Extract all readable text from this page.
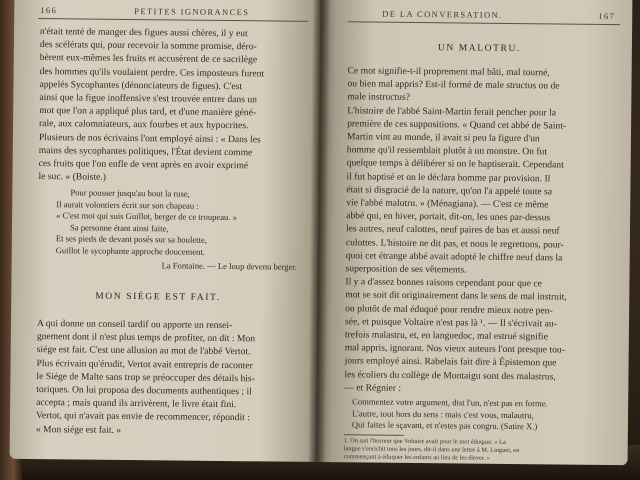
166	PETITES IGNORANCES
n'était tenté de manger des figues aussi chères, il y eut
des scélérats qui, pour recevoir la somme promise, déro-
bèrent eux-mêmes les fruits et accusèrent de ce sacrilège
des hommes qu'ils voulaient perdre. Ces imposteurs furent
appelés Sycophantes (dénonciateurs de figues). C'est
ainsi que la figue inoffensive s'est trouvée entrer dans un
mot que l'on a appliqué plus tard, et d'une manière géné-
rale, aux calomniateurs, aux fourbes et aux hypocrites.
Plusieurs de nos écrivains l'ont employé ainsi : « Dans les
mains des sycophantes politiques, l'État devient comme
ces fruits que l'on enfle de vent après en avoir exprimé
le suc. » (Boiste.)
Pour pousser jusqu'au bout la ruse,
Il aurait volontiers écrit sur son chapeau :
« C'est moi qui suis Guillot, berger de ce troupeau. »
Sa personne étant ainsi faite,
Et ses pieds de devant posés sur sa houlette,
Guillot le sycophante approche doucement.
La Fontaine. — Le loup devenu berger.
MON SIÉGE EST FAIT.
A qui donne un conseil tardif ou apporte un rensei-
gnement dont il n'est plus temps de profiter, on dit : Mon
siége est fait. C'est une allusion au mot de l'abbé Vertot.
Plus écrivain qu'érudit, Vertot avait entrepris de raconter
le Siége de Malte sans trop se préoccuper des détails his-
toriques. On lui proposa des documents authentiques ; il
accepta ; mais quand ils arrivèrent, le livre était fini.
Vertot, qui n'avait pas envie de recommencer, répondit :
« Mon siége est fait. »
DE LA CONVERSATION.	167
UN MALOTRU.
Ce mot signifie-t-il proprement mal bâti, mal tourné,
ou bien mal appris? Est-il formé de male structus ou de
male instructus?
L'histoire de l'abbé Saint-Martin ferait pencher pour la
première de ces suppositions. « Quand cet abbé de Saint-
Martin vint au monde, il avait si peu la figure d'un
homme qu'il ressemblait plutôt à un monstre. On fut
quelque temps à délibérer si on le baptiserait. Cependant
il fut baptisé et on le déclara homme par provision. Il
était si disgracié de la nature, qu'on l'a appelé toute sa
vie l'abbé malotru. » (Ménagiana). — C'est ce même
abbé qui, en hiver, portait, dit-on, les unes par-dessus
les autres, neuf calottes, neuf paires de bas et aussi neuf
culottes. L'histoire ne dit pas, et nous le regrettons, pour-
quoi cet étrange abbé avait adopté le chiffre neuf dans la
superposition de ses vêtements.
Il y a d'assez bonnes raisons cependant pour que ce
mot se soit dit originairement dans le sens de mal instruit,
ou plutôt de mal éduqué pour rendre mieux notre pen-
sée, et puisque Voltaire n'est pas là ¹. — Il s'écrivait au-
trefois malastru, et, en languedoc, mal estrué signifie
mal appris, ignorant. Nos vieux auteurs l'ont presque tou-
jours employé ainsi. Rabelais fait dire à Épistemon que
les écoliers du collège de Montaigu sont des malastrus,
— et Régnier :
Commentez votre argument, dist l'un, n'est pas en forme.
L'autre, tout hors du sens : mais c'est vous, malautru,
Qui faites le sçavant, et n'estes pas congru. (Satire X.)
1. On sait l'horreur que Voltaire avait pour le mot éduquer. « La
langue s'enrichit tous les jours, dit-il dans une lettre à M. Linguet, en
commençant à éduquer les enfants au lieu de les élever. »
